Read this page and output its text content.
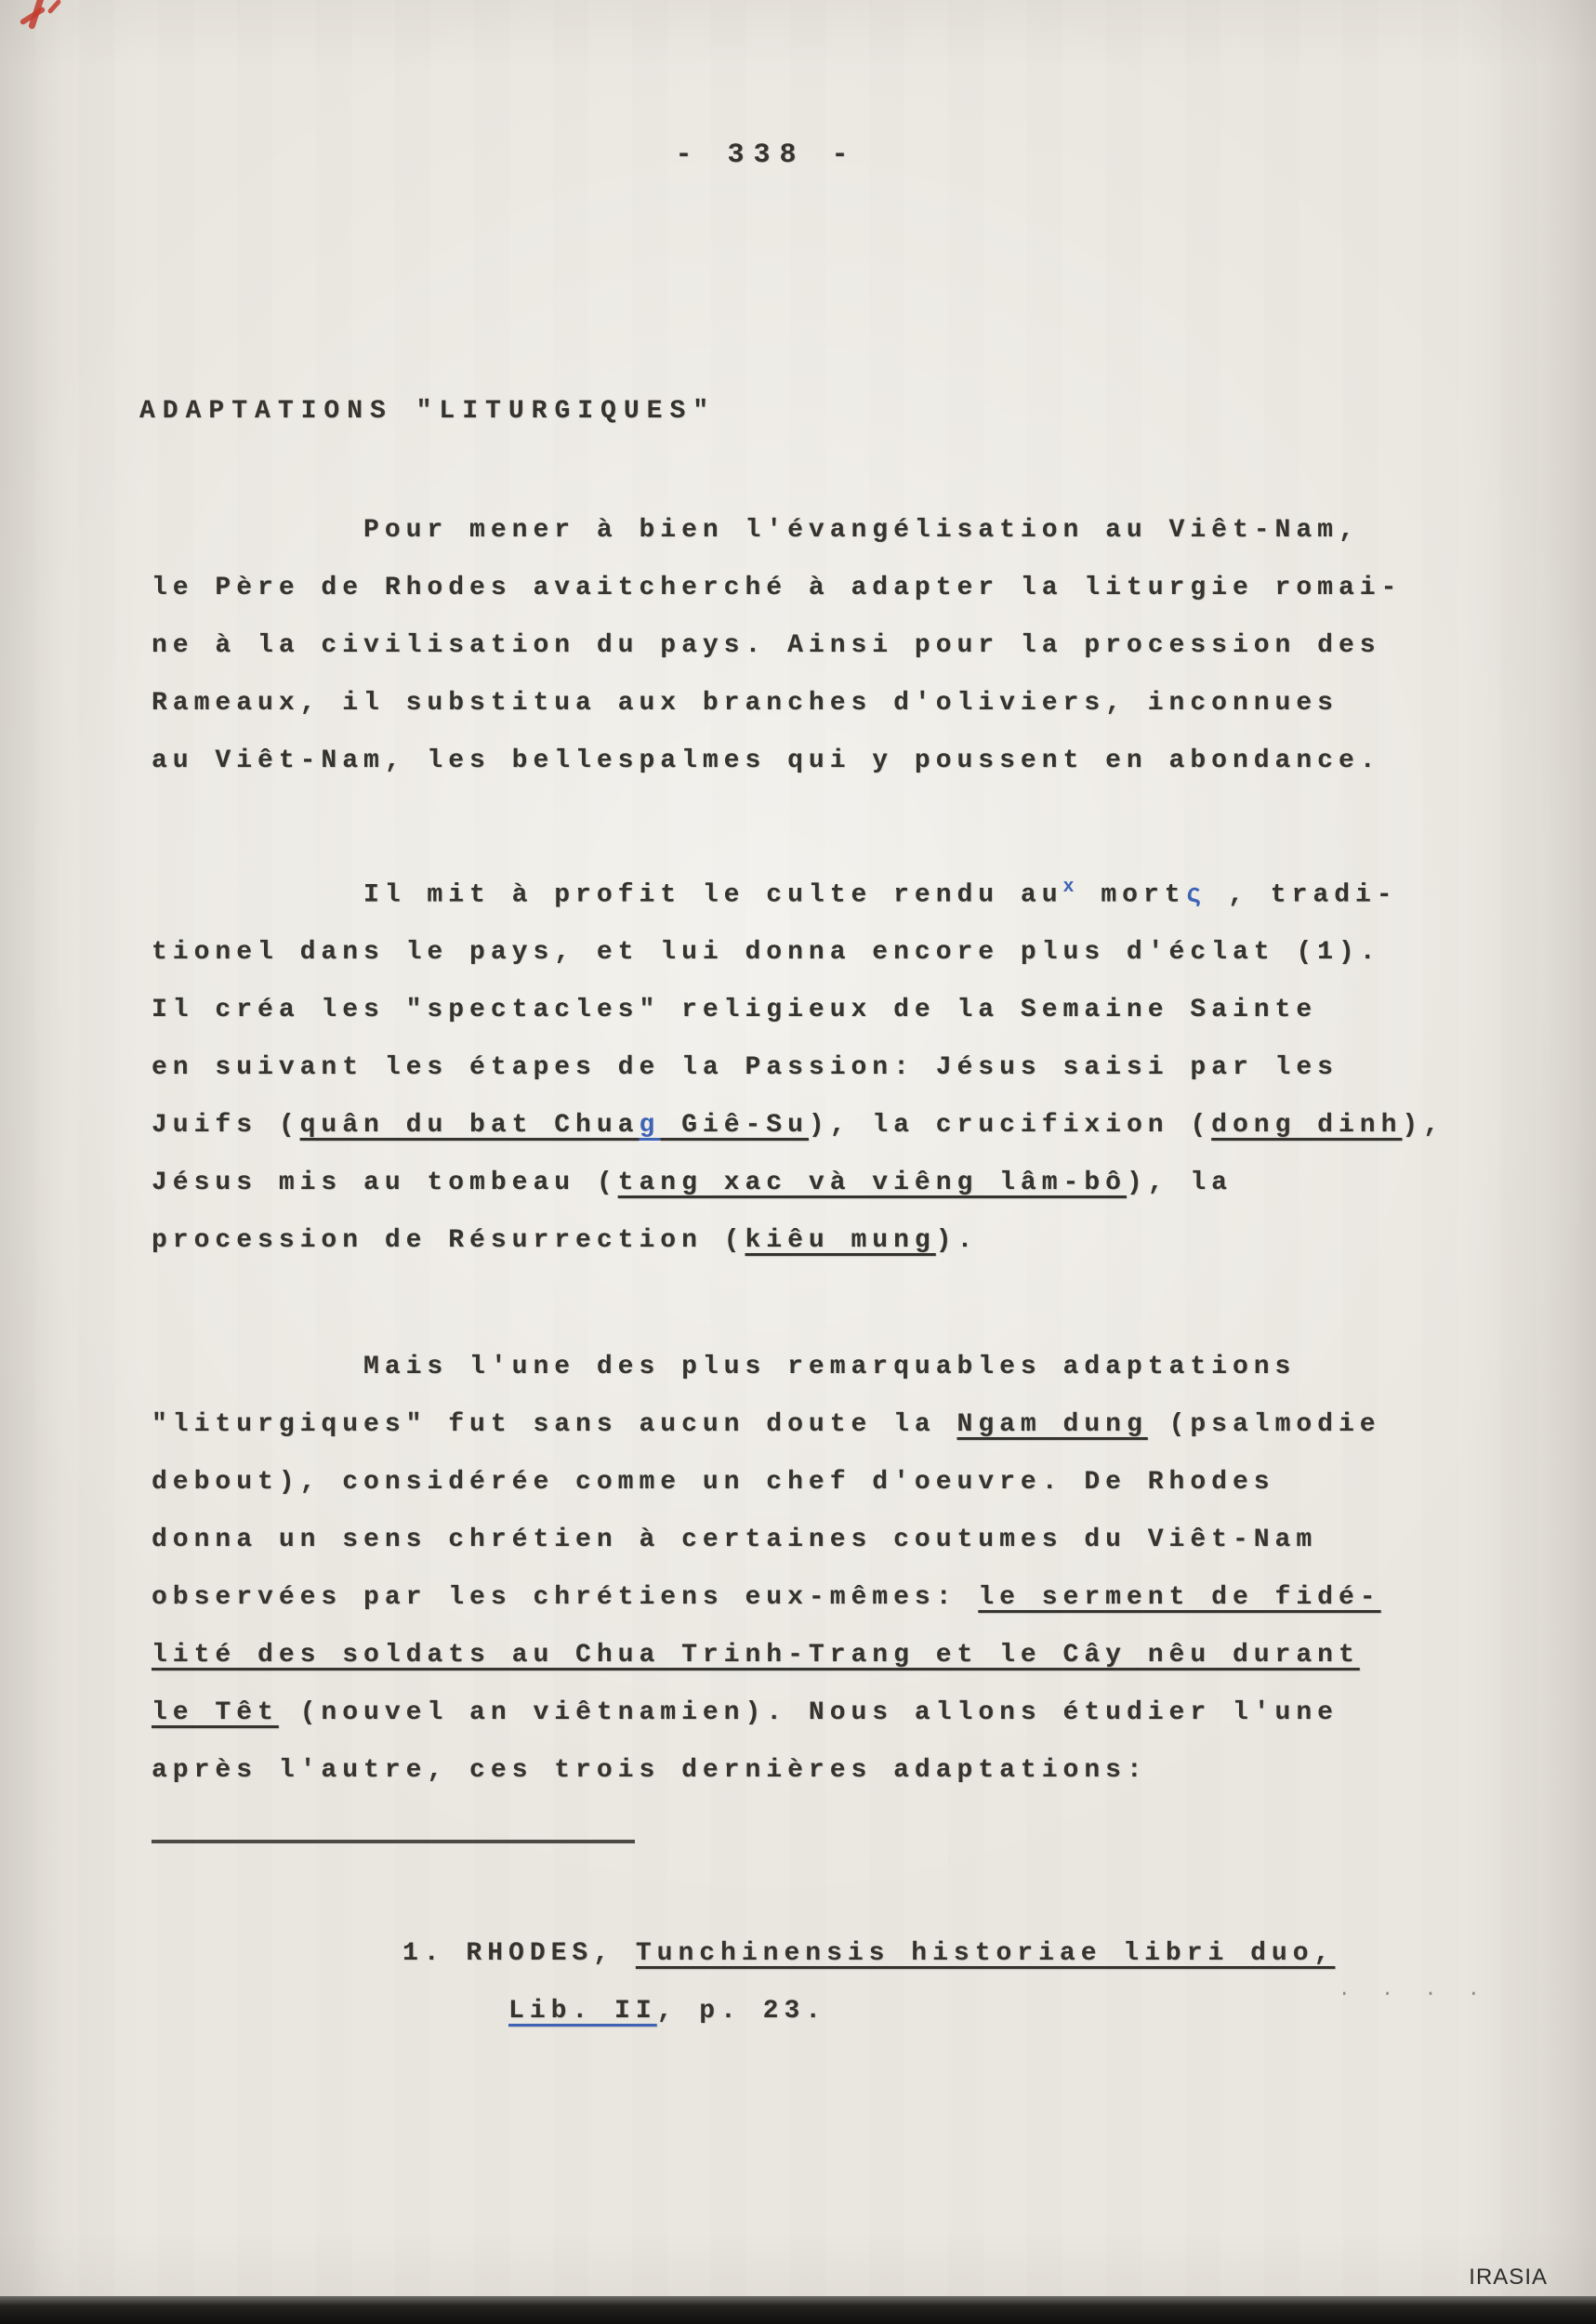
- 338 -
ADAPTATIONS "LITURGIQUES"
Pour mener à bien l'évangélisation au Viêt-Nam,
le Père de Rhodes avaitcherché à adapter la liturgie romai-
ne à la civilisation du pays. Ainsi pour la procession des
Rameaux, il substitua aux branches d'oliviers, inconnues
au Viêt-Nam, les bellespalmes qui y poussent en abondance.
Il mit à profit le culte rendu $au^x$ mortς , tradi-
tionel dans le pays, et lui donna encore plus d'éclat (1).
Il créa les "spectacles" religieux de la Semaine Sainte
en suivant les étapes de la Passion: Jésus saisi par les
Juifs (quân du bat Chuag Giê-Su), la crucifixion (dong dinh),
Jésus mis au tombeau (tang xac và viêng lâm-bô), la
procession de Résurrection (kiêu mung).
Mais l'une des plus remarquables adaptations
"liturgiques" fut sans aucun doute la Ngam dung (psalmodie
debout), considérée comme un chef d'oeuvre. De Rhodes
donna un sens chrétien à certaines coutumes du Viêt-Nam
observées par les chrétiens eux-mêmes: le serment de fidé-
lité des soldats au Chua Trinh-Trang et le Cây nêu durant
le Têt (nouvel an viêtnamien). Nous allons étudier l'une
après l'autre, ces trois dernières adaptations:
1. RHODES, Tunchinensis historiae libri duo,
Lib. II, p. 23.
. . . .
IRASIA
